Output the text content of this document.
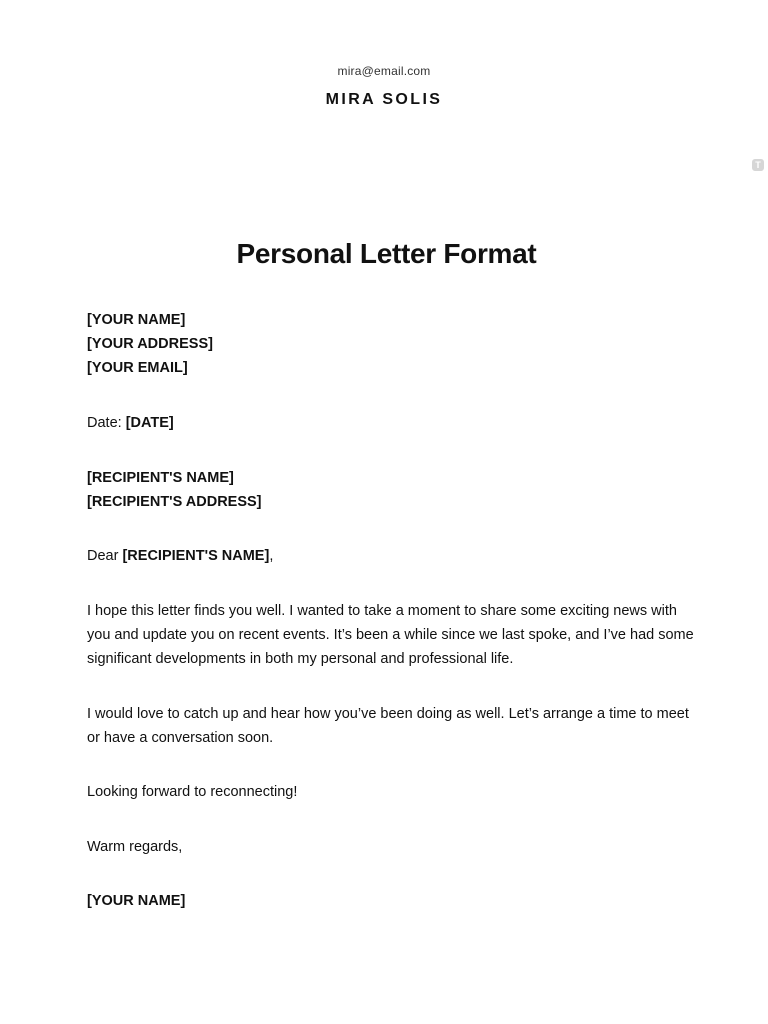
mira@email.com
MIRA SOLIS
T
Personal Letter Format
[YOUR NAME]
[YOUR ADDRESS]
[YOUR EMAIL]
Date: [DATE]
[RECIPIENT'S NAME]
[RECIPIENT'S ADDRESS]
Dear [RECIPIENT'S NAME],
I hope this letter finds you well. I wanted to take a moment to share some exciting news with
you and update you on recent events. It’s been a while since we last spoke, and I’ve had some
significant developments in both my personal and professional life.
I would love to catch up and hear how you’ve been doing as well. Let’s arrange a time to meet
or have a conversation soon.
Looking forward to reconnecting!
Warm regards,
[YOUR NAME]
